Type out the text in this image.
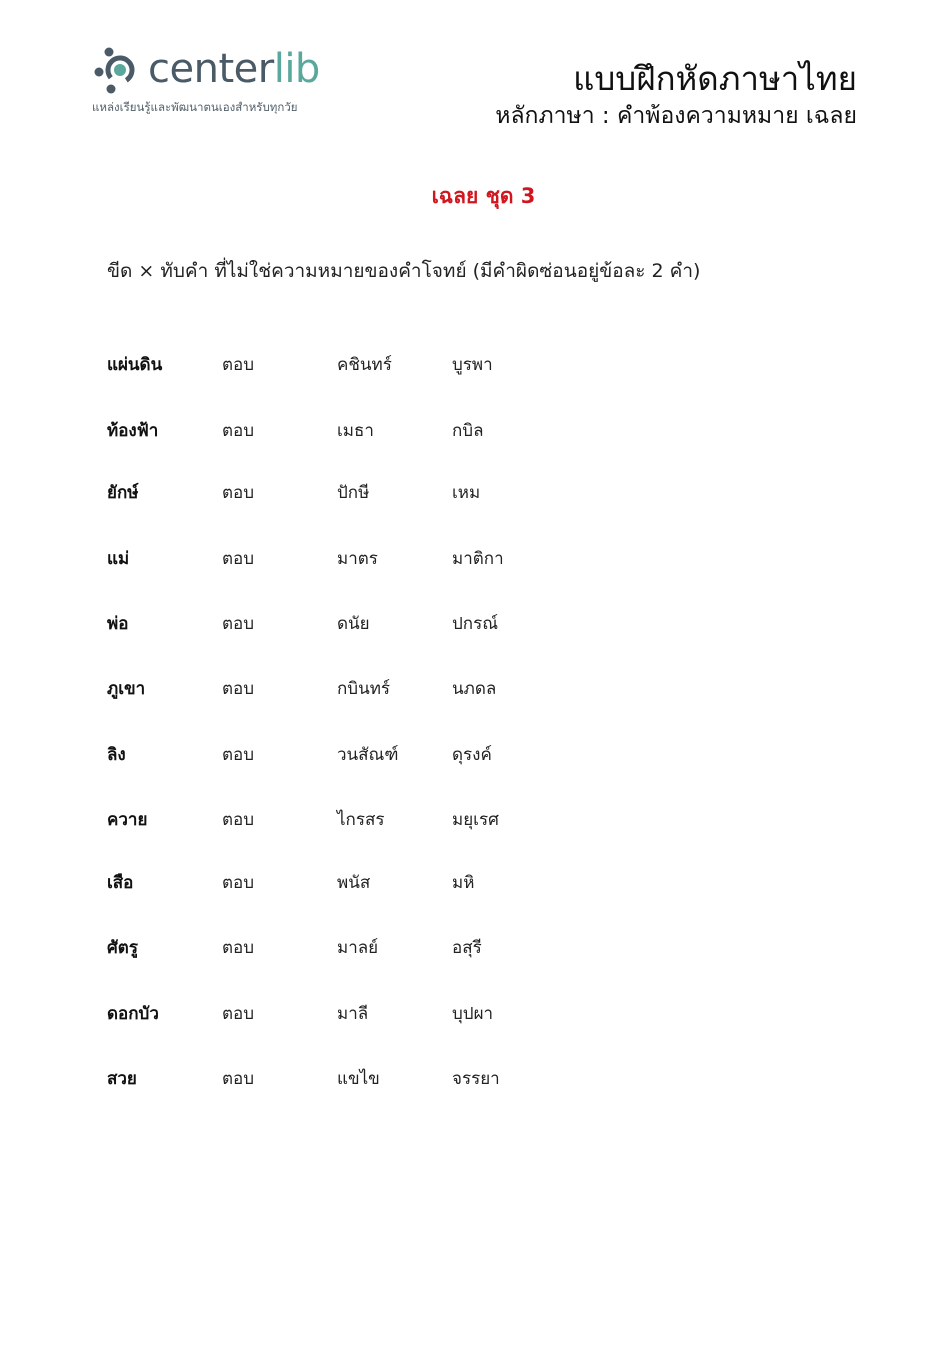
centerlib
แหล่งเรียนรู้และพัฒนาตนเองสำหรับทุกวัย
แบบฝึกหัดภาษาไทย
หลักภาษา : คำพ้องความหมาย เฉลย
เฉลย ชุด 3
ขีด × ทับคำ ที่ไม่ใช่ความหมายของคำโจทย์ (มีคำผิดซ่อนอยู่ข้อละ 2 คำ)
แผ่นดิน	ตอบ	คชินทร์	บูรพา
ท้องฟ้า	ตอบ	เมธา	กบิล
ยักษ์	ตอบ	ปักษี	เหม
แม่	ตอบ	มาตร	มาติกา
พ่อ	ตอบ	ดนัย	ปกรณ์
ภูเขา	ตอบ	กบินทร์	นภดล
ลิง	ตอบ	วนสัณฑ์	ดุรงค์
ควาย	ตอบ	ไกรสร	มยุเรศ
เสือ	ตอบ	พนัส	มหิ
ศัตรู	ตอบ	มาลย์	อสุรี
ดอกบัว	ตอบ	มาลี	บุปผา
สวย	ตอบ	แขไข	จรรยา
